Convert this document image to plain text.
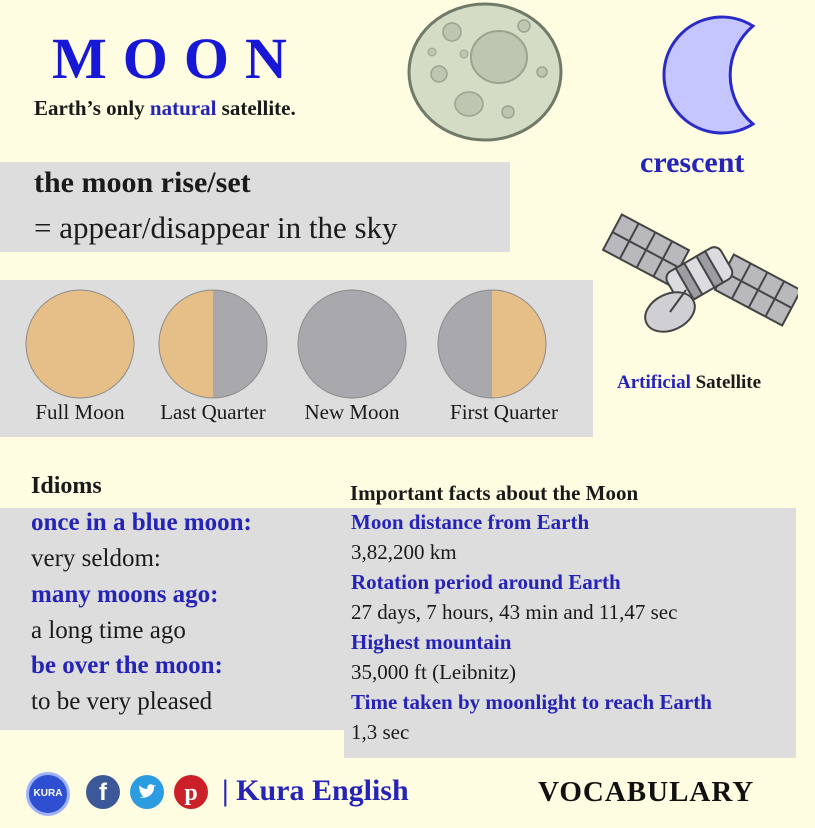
MOON
Earth’s only natural satellite.
crescent
the moon rise/set
= appear/disappear in the sky
Artificial Satellite
Full Moon	Last Quarter	New Moon	First Quarter
Idioms
once in a blue moon:
very seldom:
many moons ago:
a long time ago
be over the moon:
to be very pleased
Important facts about the Moon
Moon distance from Earth
3,82,200 km
Rotation period around Earth
27 days, 7 hours, 43 min and 11,47 sec
Highest mountain
35,000 ft (Leibnitz)
Time taken by moonlight to reach Earth
1,3 sec
KURA	f	p | Kura English	VOCABULARY
